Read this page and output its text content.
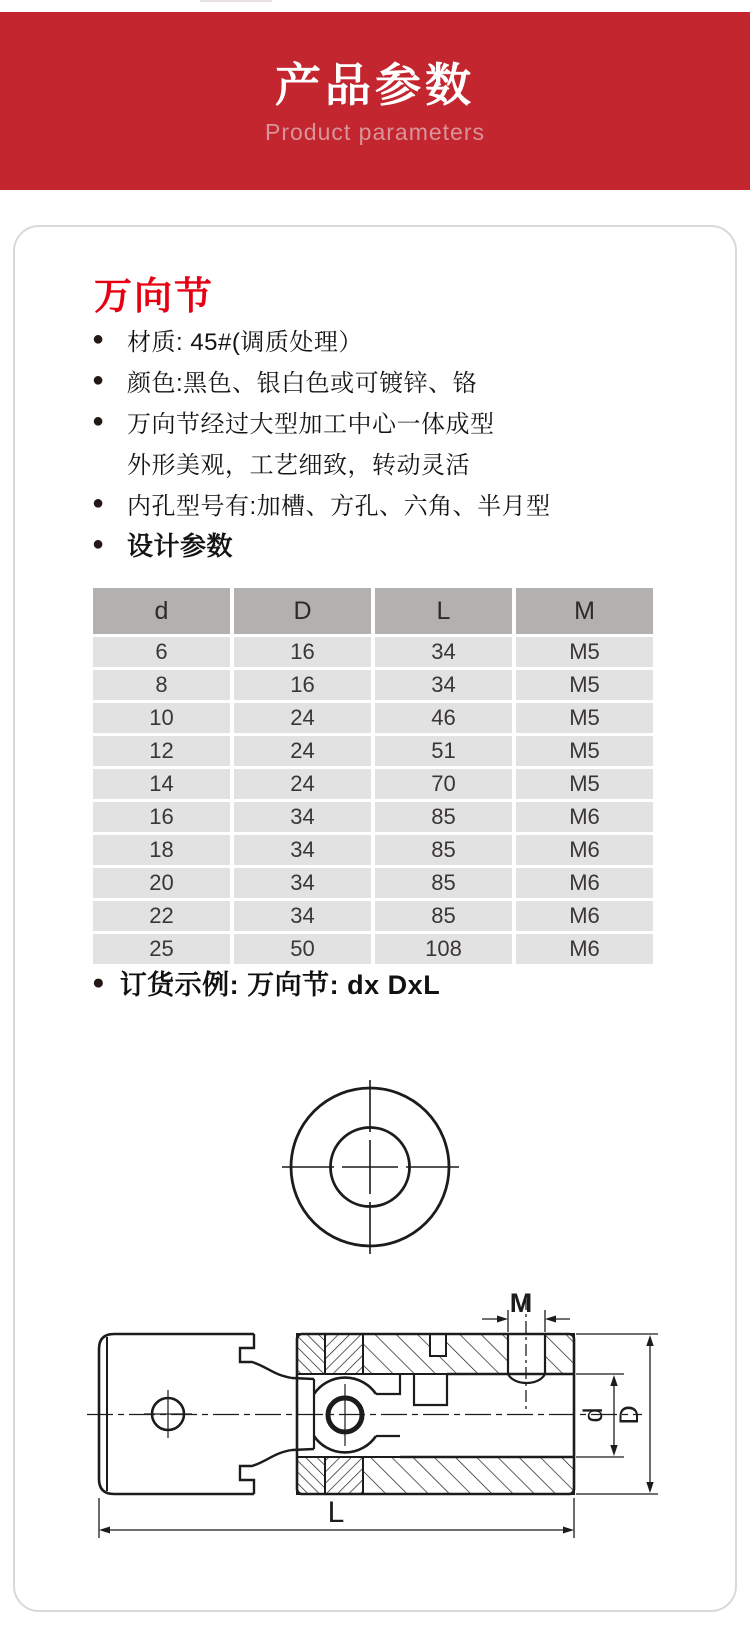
产品参数

Product parameters

万向节
● 材质: 45#(调质处理）
● 颜色:黑色、银白色或可镀锌、铬
● 万向节经过大型加工中心一体成型
外形美观，工艺细致，转动灵活
● 内孔型号有:加槽、方孔、六角、半月型
● 设计参数
d	D	L	M
6	16	34	M5
8	16	34	M5
10	24	46	M5
12	24	51	M5
14	24	70	M5
16	34	85	M6
18	34	85	M6
20	34	85	M6
22	34	85	M6
25	50	108	M6
● 订货示例: 万向节: dx DxL
M
d D
L
